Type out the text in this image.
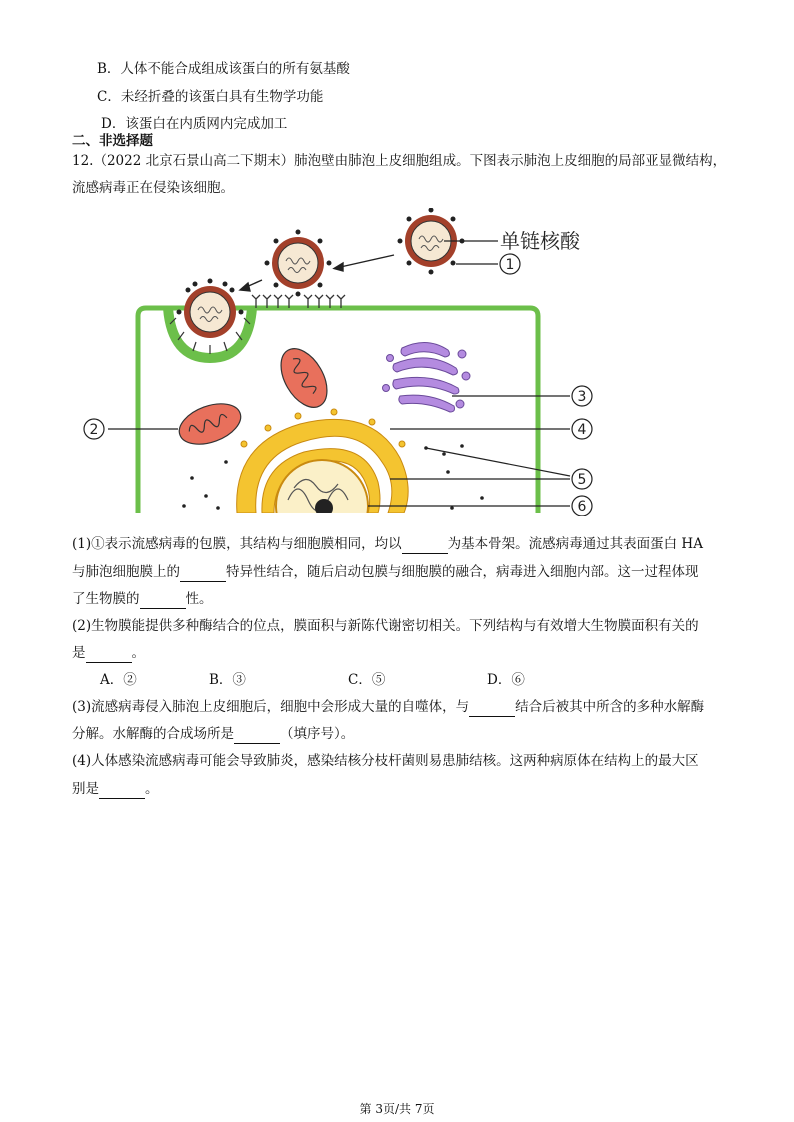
B．人体不能合成组成该蛋白的所有氨基酸
C．未经折叠的该蛋白具有生物学功能
D．该蛋白在内质网内完成加工
二、非选择题
12.（2022 北京石景山高二下期末）肺泡壁由肺泡上皮细胞组成。下图表示肺泡上皮细胞的局部亚显微结构，
流感病毒正在侵染该细胞。
单链核酸
1
2
3
4
5
6
(1)①表示流感病毒的包膜，其结构与细胞膜相同，均以	为基本骨架。流感病毒通过其表面蛋白 HA
与肺泡细胞膜上的	特异性结合，随后启动包膜与细胞膜的融合，病毒进入细胞内部。这一过程体现
了生物膜的	性。
(2)生物膜能提供多种酶结合的位点，膜面积与新陈代谢密切相关。下列结构与有效增大生物膜面积有关的
是	。
A．②	B．③	C．⑤	D．⑥
(3)流感病毒侵入肺泡上皮细胞后，细胞中会形成大量的自噬体，与	结合后被其中所含的多种水解酶
分解。水解酶的合成场所是	（填序号）。
(4)人体感染流感病毒可能会导致肺炎，感染结核分枝杆菌则易患肺结核。这两种病原体在结构上的最大区
别是	。
第 3页/共 7页
